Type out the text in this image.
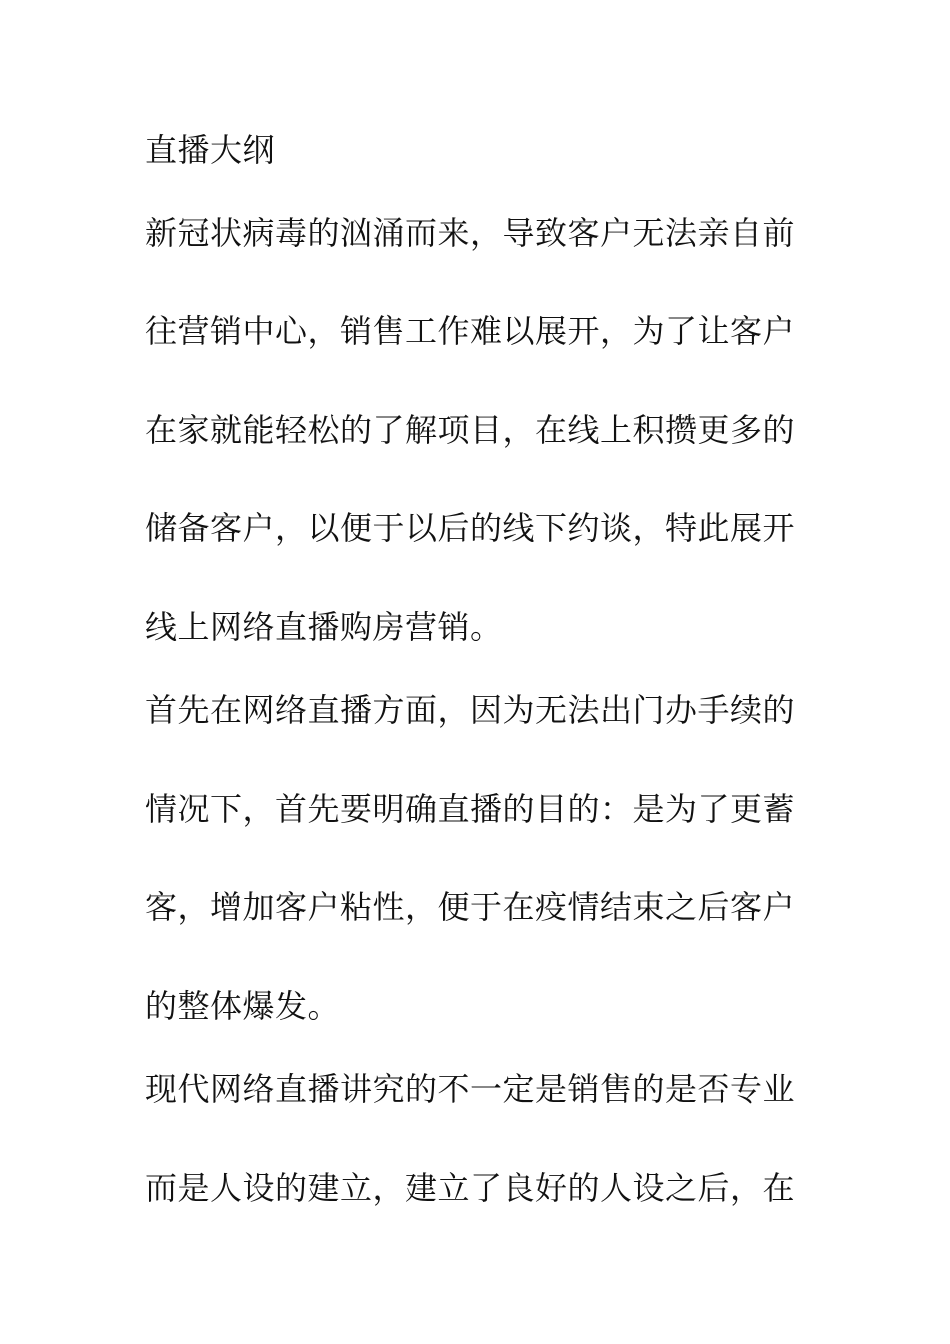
直播大纲
新冠状病毒的汹涌而来，导致客户无法亲自前
往营销中心，销售工作难以展开，为了让客户
在家就能轻松的了解项目，在线上积攒更多的
储备客户，以便于以后的线下约谈，特此展开
线上网络直播购房营销。
首先在网络直播方面，因为无法出门办手续的
情况下，首先要明确直播的目的：是为了更蓄
客，增加客户粘性，便于在疫情结束之后客户
的整体爆发。
现代网络直播讲究的不一定是销售的是否专业
而是人设的建立，建立了良好的人设之后，在
